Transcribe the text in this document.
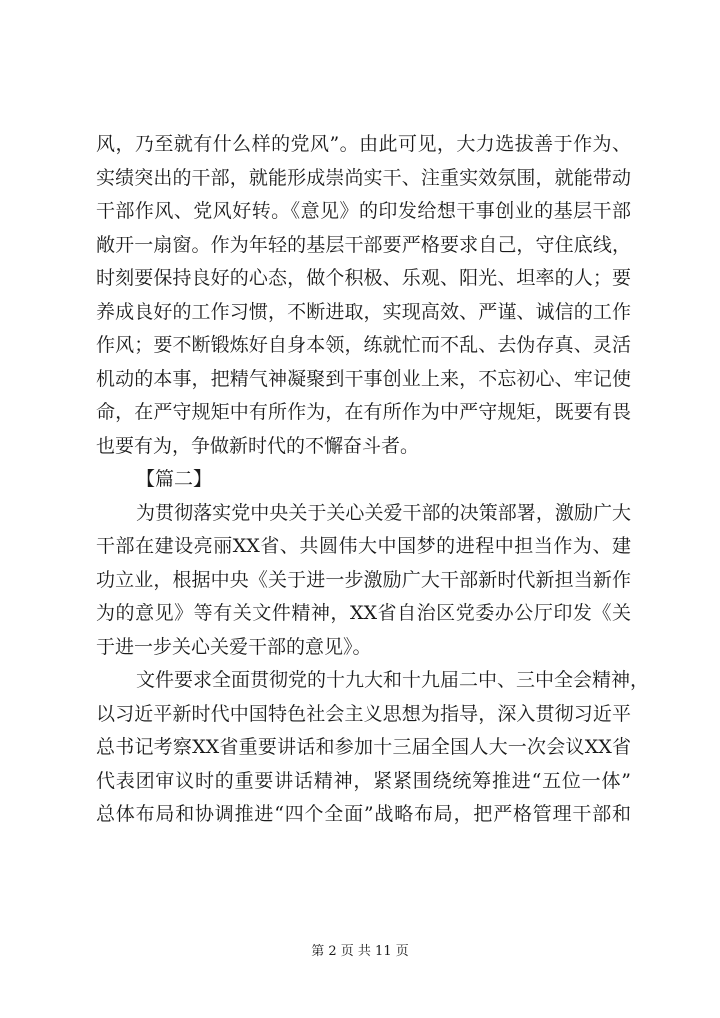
风，乃至就有什么样的党风”。由此可见，大力选拔善于作为、
实绩突出的干部，就能形成崇尚实干、注重实效氛围，就能带动
干部作风、党风好转。《意见》的印发给想干事创业的基层干部
敞开一扇窗。作为年轻的基层干部要严格要求自己，守住底线，
时刻要保持良好的心态，做个积极、乐观、阳光、坦率的人；要
养成良好的工作习惯，不断进取，实现高效、严谨、诚信的工作
作风；要不断锻炼好自身本领，练就忙而不乱、去伪存真、灵活
机动的本事，把精气神凝聚到干事创业上来，不忘初心、牢记使
命，在严守规矩中有所作为，在有所作为中严守规矩，既要有畏
也要有为，争做新时代的不懈奋斗者。
【篇二】
为贯彻落实党中央关于关心关爱干部的决策部署，激励广大
干部在建设亮丽XX省、共圆伟大中国梦的进程中担当作为、建
功立业，根据中央《关于进一步激励广大干部新时代新担当新作
为的意见》等有关文件精神，XX省自治区党委办公厅印发《关
于进一步关心关爱干部的意见》。
文件要求全面贯彻党的十九大和十九届二中、三中全会精神，
以习近平新时代中国特色社会主义思想为指导，深入贯彻习近平
总书记考察XX省重要讲话和参加十三届全国人大一次会议XX省
代表团审议时的重要讲话精神，紧紧围绕统筹推进“五位一体”
总体布局和协调推进“四个全面”战略布局，把严格管理干部和
第 2 页 共 11 页
